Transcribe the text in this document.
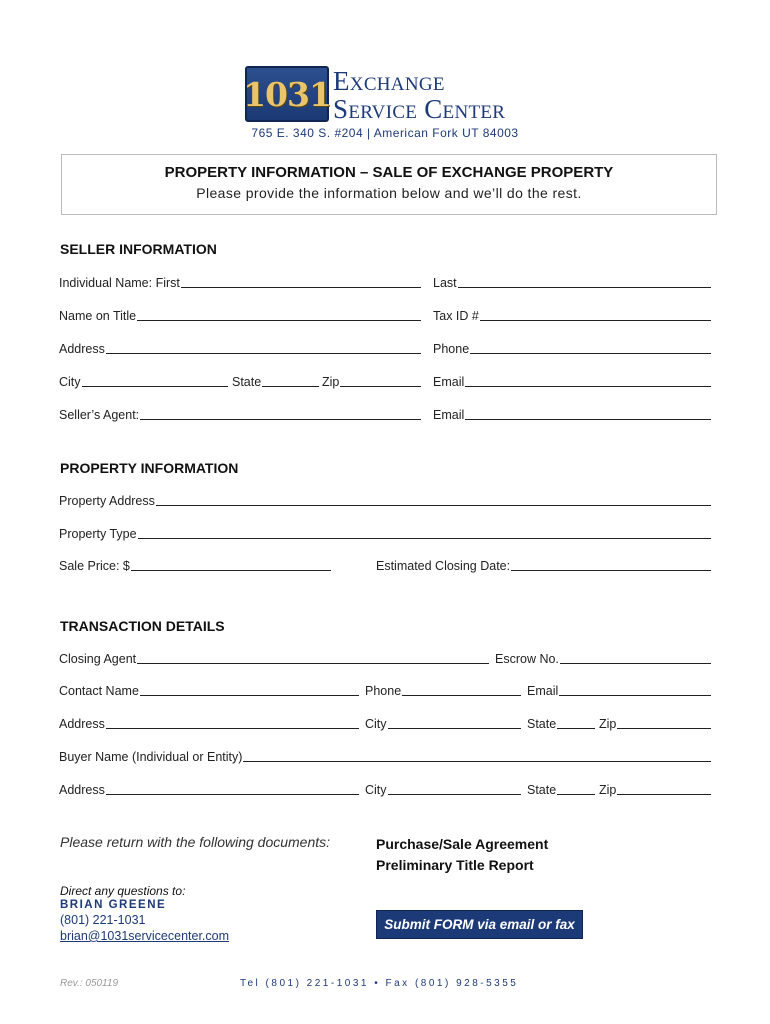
1031 Exchange
Service Center
765 E. 340 S. #204 | American Fork UT 84003
PROPERTY INFORMATION – SALE OF EXCHANGE PROPERTY
Please provide the information below and we’ll do the rest.
SELLER INFORMATION
Individual Name: First	Last
Name on Title	Tax ID #
Address	Phone
City	State	Zip	Email
Seller’s Agent:	Email
PROPERTY INFORMATION
Property Address
Property Type
Sale Price: $	Estimated Closing Date:
TRANSACTION DETAILS
Closing Agent	Escrow No.
Contact Name	Phone	Email
Address	City	State	Zip
Buyer Name (Individual or Entity)
Address	City	State	Zip
Please return with the following documents:	Purchase/Sale Agreement
Preliminary Title Report
Direct any questions to:
BRIAN GREENE
(801) 221-1031
brian@1031servicecenter.com
Submit FORM via email or fax
Rev.: 050119	Tel (801) 221-1031 • Fax (801) 928-5355
